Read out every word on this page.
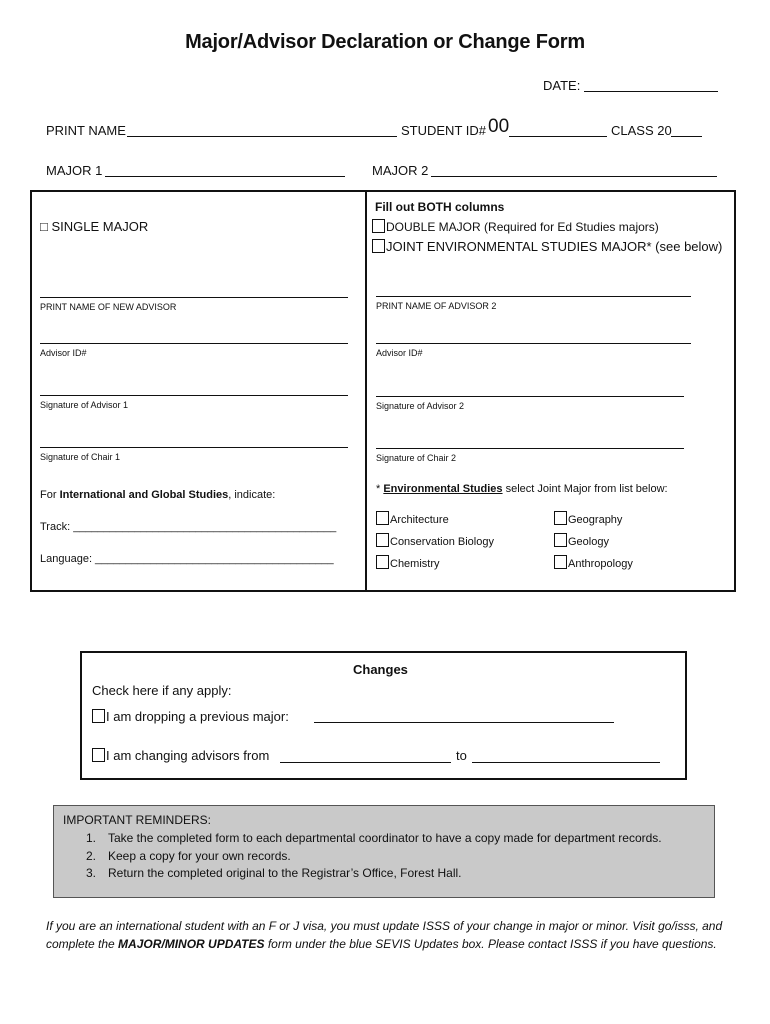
Major/Advisor Declaration or Change Form
DATE:
PRINT NAME	STUDENT ID# 00	CLASS 20
MAJOR 1	MAJOR 2
□ SINGLE MAJOR
PRINT NAME OF NEW ADVISOR
Advisor ID#
Signature of Advisor 1
Signature of Chair 1
For International and Global Studies, indicate:
Track: ___________________________________________
Language: _______________________________________
Fill out BOTH columns
DOUBLE MAJOR (Required for Ed Studies majors)
JOINT ENVIRONMENTAL STUDIES MAJOR* (see below)
PRINT NAME OF ADVISOR 2
Advisor ID#
Signature of Advisor 2
Signature of Chair 2
* Environmental Studies select Joint Major from list below:
Architecture	Geography
Conservation Biology	Geology
Chemistry	Anthropology
Changes
Check here if any apply:
I am dropping a previous major:
I am changing advisors from	to
IMPORTANT REMINDERS:
1. Take the completed form to each departmental coordinator to have a copy made for department records.
2. Keep a copy for your own records.
3. Return the completed original to the Registrar’s Office, Forest Hall.
If you are an international student with an F or J visa, you must update ISSS of your change in major or minor. Visit go/isss, and complete the MAJOR/MINOR UPDATES form under the blue SEVIS Updates box. Please contact ISSS if you have questions.
